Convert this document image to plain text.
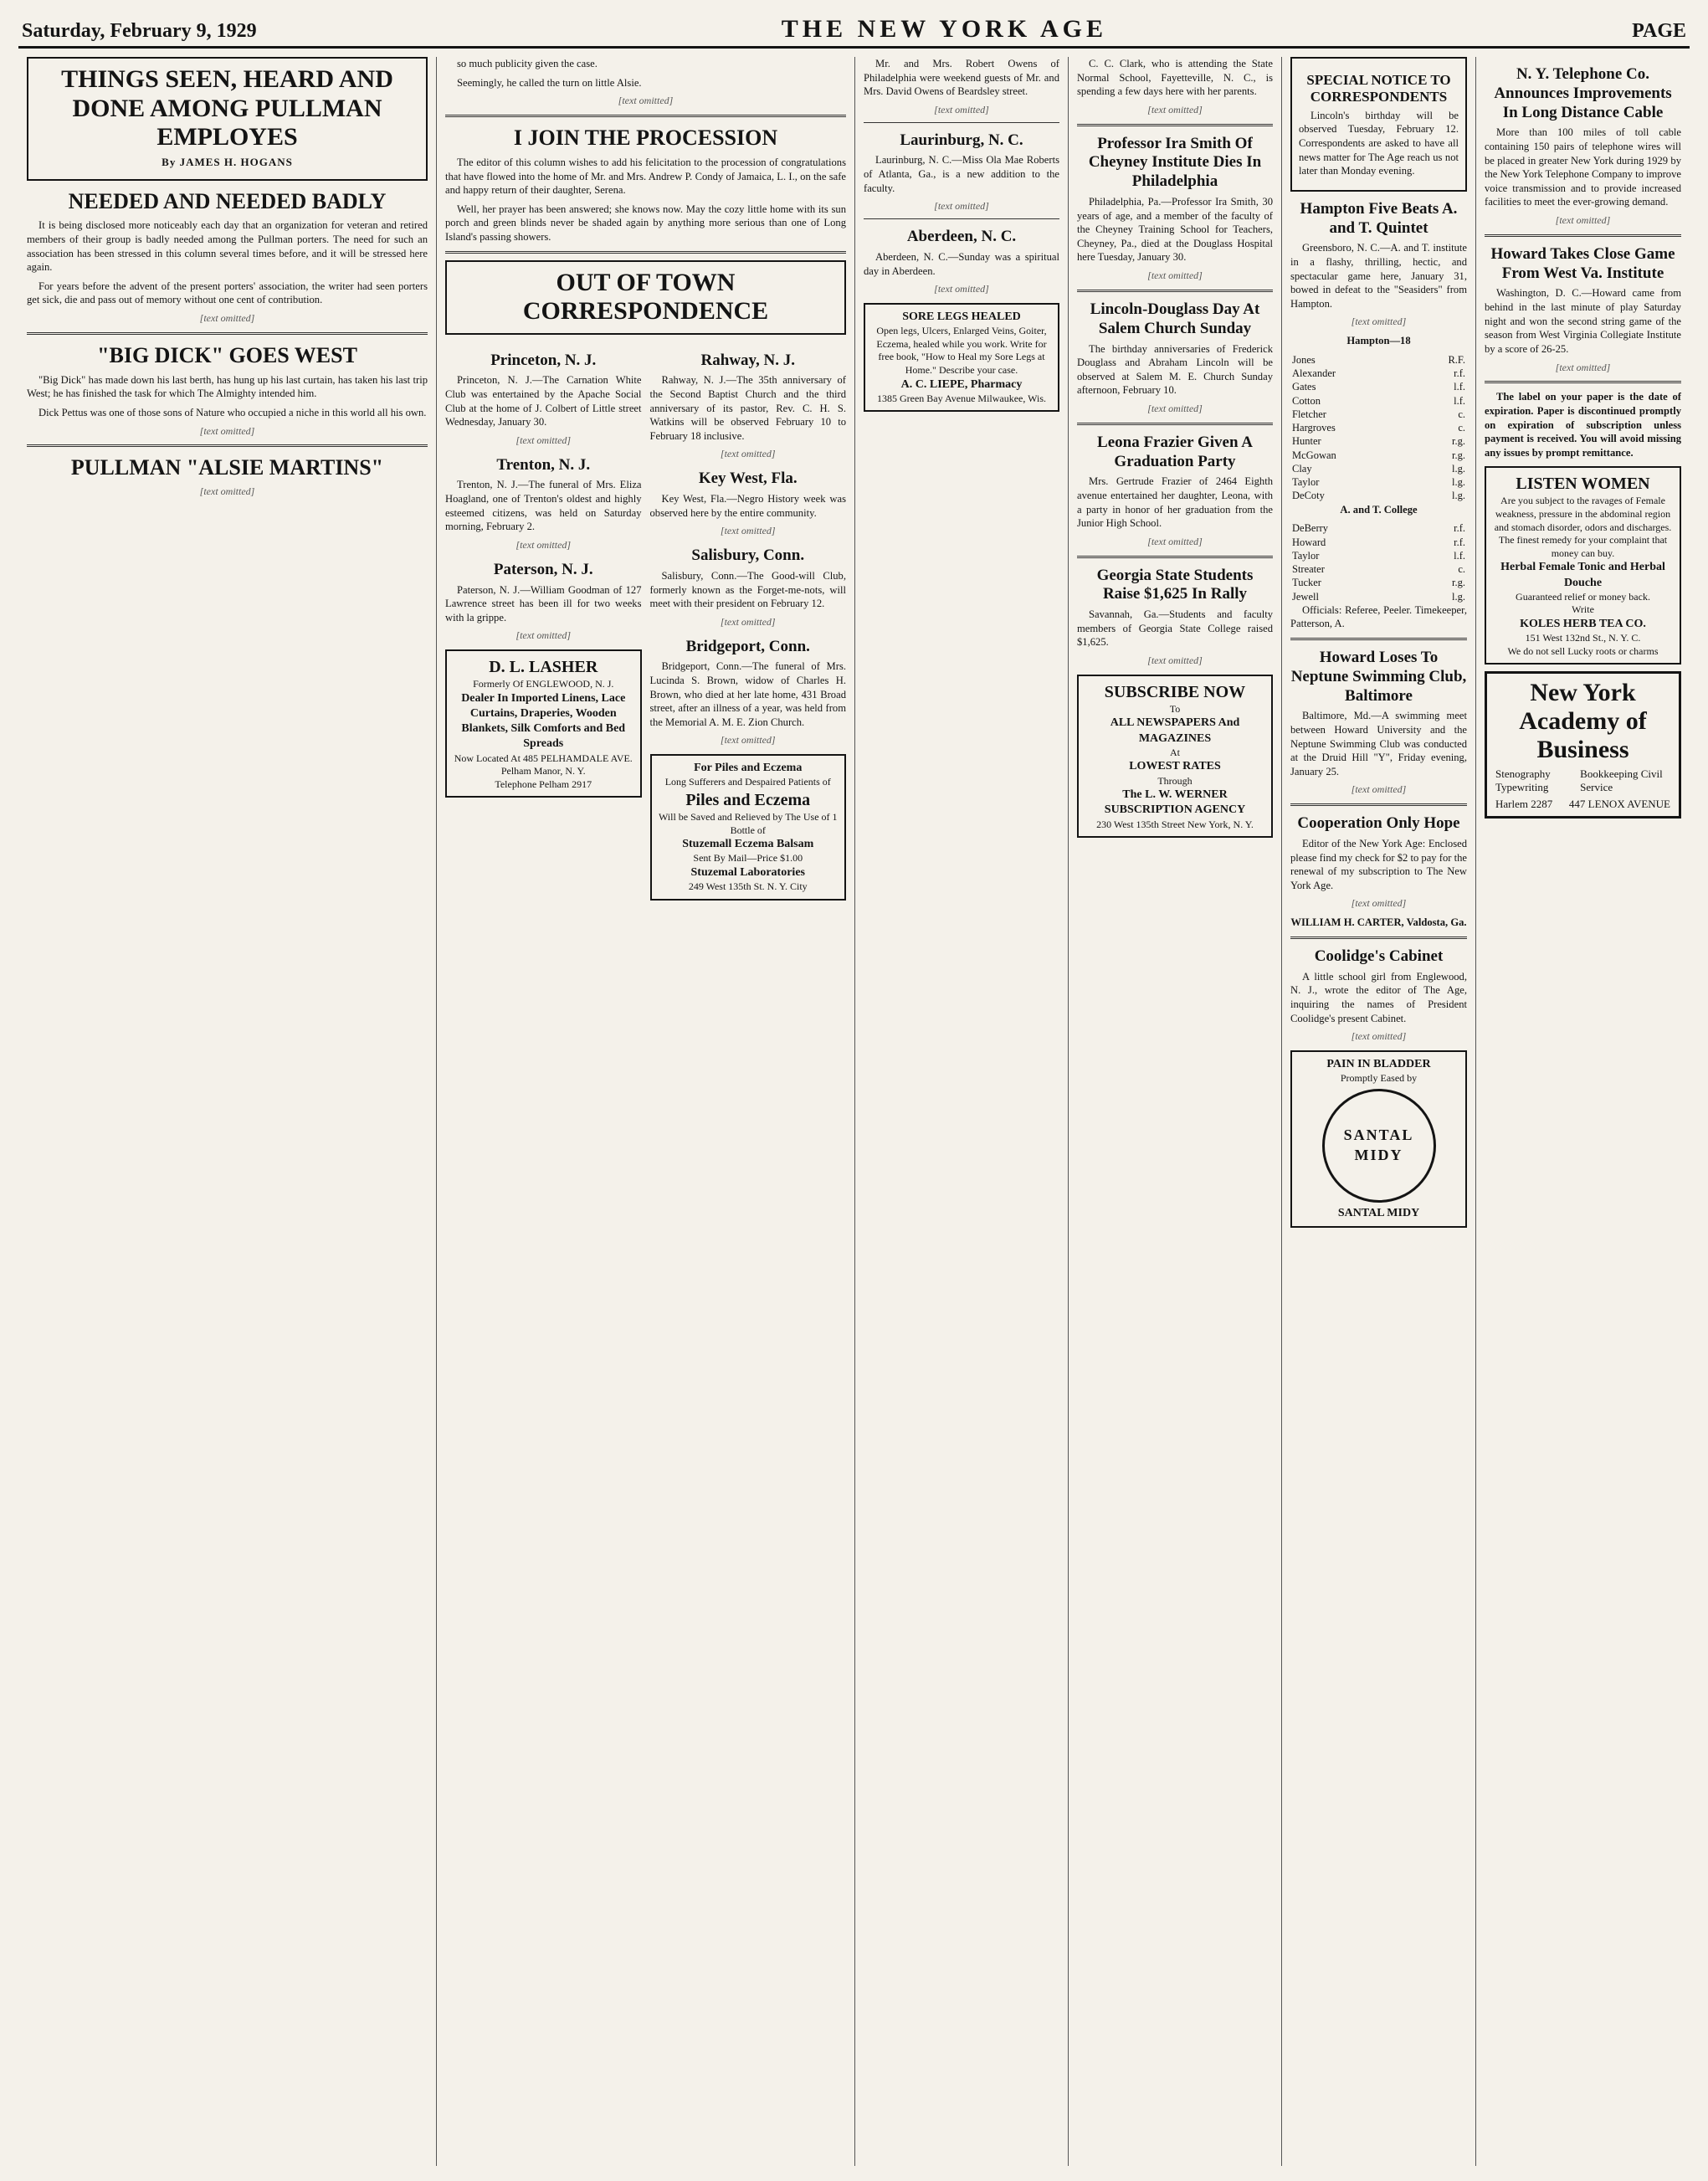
Saturday, February 9, 1929	THE NEW YORK AGE	PAGE
THINGS SEEN, HEARD AND DONE AMONG PULLMAN EMPLOYES
By JAMES H. HOGANS
NEEDED AND NEEDED BADLY

It is being disclosed more noticeably each day that an organization for veteran and retired members of their group is badly needed among the Pullman porters. The need for such an association has been stressed in this column several times before, and it will be stressed here again.

For years before the advent of the present porters' association, the writer had seen porters get sick, die and pass out of memory without one cent of contribution.

[text omitted]

"BIG DICK" GOES WEST

"Big Dick" has made down his last berth, has hung up his last curtain, has taken his last trip West; he has finished the task for which The Almighty intended him.

Dick Pettus was one of those sons of Nature who occupied a niche in this world all his own.

[text omitted]

PULLMAN "ALSIE MARTINS"

[text omitted]

so much publicity given the case.

Seemingly, he called the turn on little Alsie.

[text omitted]

I JOIN THE PROCESSION

The editor of this column wishes to add his felicitation to the procession of congratulations that have flowed into the home of Mr. and Mrs. Andrew P. Condy of Jamaica, L. I., on the safe and happy return of their daughter, Serena.

Well, her prayer has been answered; she knows now. May the cozy little home with its sun porch and green blinds never be shaded again by anything more serious than one of Long Island's passing showers.

OUT OF TOWN CORRESPONDENCE
Princeton, N. J.

Princeton, N. J.—The Carnation White Club was entertained by the Apache Social Club at the home of J. Colbert of Little street Wednesday, January 30.

[text omitted]

Trenton, N. J.

Trenton, N. J.—The funeral of Mrs. Eliza Hoagland, one of Trenton's oldest and highly esteemed citizens, was held on Saturday morning, February 2.

[text omitted]

Paterson, N. J.

Paterson, N. J.—William Goodman of 127 Lawrence street has been ill for two weeks with la grippe.

[text omitted]

D. L. LASHER
Formerly Of ENGLEWOOD, N. J.
Dealer In Imported Linens, Lace Curtains, Draperies, Wooden Blankets, Silk Comforts and Bed Spreads
Now Located At 485 PELHAMDALE AVE. Pelham Manor, N. Y.
Telephone Pelham 2917
Rahway, N. J.

Rahway, N. J.—The 35th anniversary of the Second Baptist Church and the third anniversary of its pastor, Rev. C. H. S. Watkins will be observed February 10 to February 18 inclusive.

[text omitted]

Key West, Fla.

Key West, Fla.—Negro History week was observed here by the entire community.

[text omitted]

Salisbury, Conn.

Salisbury, Conn.—The Good-will Club, formerly known as the Forget-me-nots, will meet with their president on February 12.

[text omitted]

Bridgeport, Conn.

Bridgeport, Conn.—The funeral of Mrs. Lucinda S. Brown, widow of Charles H. Brown, who died at her late home, 431 Broad street, after an illness of a year, was held from the Memorial A. M. E. Zion Church.

[text omitted]

For Piles and Eczema
Long Sufferers and Despaired Patients of
Piles and Eczema
Will be Saved and Relieved by The Use of 1 Bottle of
Stuzemall Eczema Balsam
Sent By Mail—Price $1.00
Stuzemal Laboratories
249 West 135th St. N. Y. City

Mr. and Mrs. Robert Owens of Philadelphia were weekend guests of Mr. and Mrs. David Owens of Beardsley street.

[text omitted]

Laurinburg, N. C.

Laurinburg, N. C.—Miss Ola Mae Roberts of Atlanta, Ga., is a new addition to the faculty.

[text omitted]

Aberdeen, N. C.

Aberdeen, N. C.—Sunday was a spiritual day in Aberdeen.

[text omitted]

SORE LEGS HEALED
Open legs, Ulcers, Enlarged Veins, Goiter, Eczema, healed while you work. Write for free book, "How to Heal my Sore Legs at Home." Describe your case.
A. C. LIEPE, Pharmacy
1385 Green Bay Avenue Milwaukee, Wis.

C. C. Clark, who is attending the State Normal School, Fayetteville, N. C., is spending a few days here with her parents.

[text omitted]

Professor Ira Smith Of Cheyney Institute Dies In Philadelphia

Philadelphia, Pa.—Professor Ira Smith, 30 years of age, and a member of the faculty of the Cheyney Training School for Teachers, Cheyney, Pa., died at the Douglass Hospital here Tuesday, January 30.

[text omitted]

Lincoln-Douglass Day At Salem Church Sunday

The birthday anniversaries of Frederick Douglass and Abraham Lincoln will be observed at Salem M. E. Church Sunday afternoon, February 10.

[text omitted]

Leona Frazier Given A Graduation Party

Mrs. Gertrude Frazier of 2464 Eighth avenue entertained her daughter, Leona, with a party in honor of her graduation from the Junior High School.

[text omitted]

Georgia State Students Raise $1,625 In Rally

Savannah, Ga.—Students and faculty members of Georgia State College raised $1,625.

[text omitted]

SUBSCRIBE NOW
To
ALL NEWSPAPERS And MAGAZINES
At
LOWEST RATES
Through
The L. W. WERNER SUBSCRIPTION AGENCY
230 West 135th Street New York, N. Y.
SPECIAL NOTICE TO CORRESPONDENTS

Lincoln's birthday will be observed Tuesday, February 12. Correspondents are asked to have all news matter for The Age reach us not later than Monday evening.

Hampton Five Beats A. and T. Quintet

Greensboro, N. C.—A. and T. institute in a flashy, thrilling, hectic, and spectacular game here, January 31, bowed in defeat to the "Seasiders" from Hampton.

[text omitted]

Hampton—18

Jones	R.F.
Alexander	r.f.
Gates	l.f.
Cotton	l.f.
Fletcher	c.
Hargroves	c.
Hunter	r.g.
McGowan	r.g.
Clay	l.g.
Taylor	l.g.
DeCoty	l.g.

A. and T. College

DeBerry	r.f.
Howard	r.f.
Taylor	l.f.
Streater	c.
Tucker	r.g.
Jewell	l.g.

Officials: Referee, Peeler. Timekeeper, Patterson, A.

Howard Loses To Neptune Swimming Club, Baltimore

Baltimore, Md.—A swimming meet between Howard University and the Neptune Swimming Club was conducted at the Druid Hill "Y", Friday evening, January 25.

[text omitted]

Cooperation Only Hope

Editor of the New York Age: Enclosed please find my check for $2 to pay for the renewal of my subscription to The New York Age.

[text omitted]

WILLIAM H. CARTER, Valdosta, Ga.

Coolidge's Cabinet

A little school girl from Englewood, N. J., wrote the editor of The Age, inquiring the names of President Coolidge's present Cabinet.

[text omitted]

PAIN IN BLADDER
Promptly Eased by
SANTAL MIDY
SANTAL MIDY
N. Y. Telephone Co. Announces Improvements In Long Distance Cable

More than 100 miles of toll cable containing 150 pairs of telephone wires will be placed in greater New York during 1929 by the New York Telephone Company to improve voice transmission and to provide increased facilities to meet the ever-growing demand.

[text omitted]

Howard Takes Close Game From West Va. Institute

Washington, D. C.—Howard came from behind in the last minute of play Saturday night and won the second string game of the season from West Virginia Collegiate Institute by a score of 26-25.

[text omitted]

The label on your paper is the date of expiration. Paper is discontinued promptly on expiration of subscription unless payment is received. You will avoid missing any issues by prompt remittance.

LISTEN WOMEN
Are you subject to the ravages of Female weakness, pressure in the abdominal region and stomach disorder, odors and discharges.
The finest remedy for your complaint that money can buy.
Herbal Female Tonic and Herbal Douche
Guaranteed relief or money back.
Write
KOLES HERB TEA CO.
151 West 132nd St., N. Y. C.
We do not sell Lucky roots or charms
New York Academy of Business
Stenography Typewriting
Bookkeeping Civil Service
Harlem 2287 447 LENOX AVENUE
